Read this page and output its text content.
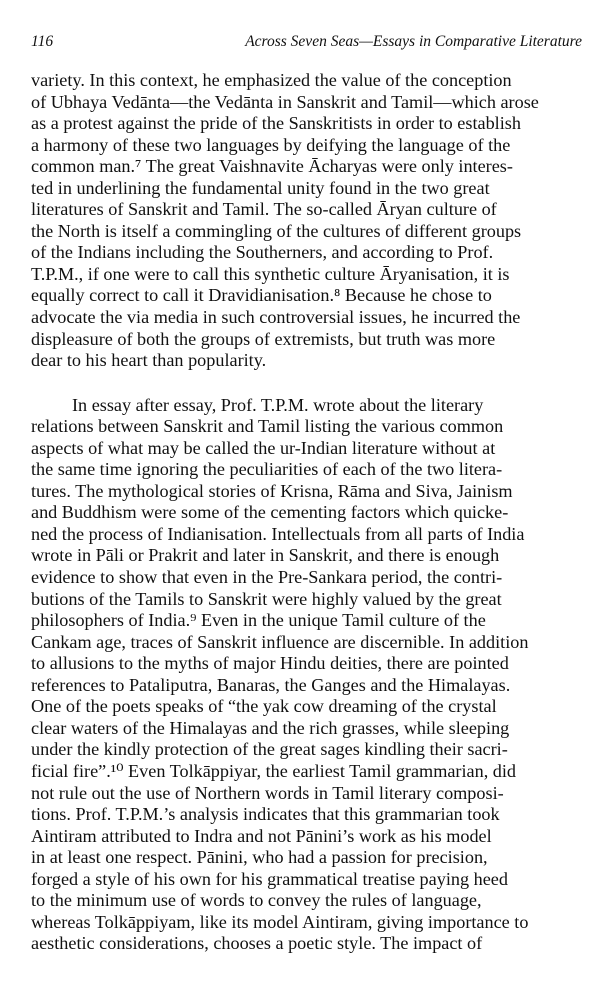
116	Across Seven Seas—Essays in Comparative Literature
variety. In this context, he emphasized the value of the conception
of Ubhaya Vedānta—the Vedānta in Sanskrit and Tamil—which arose
as a protest against the pride of the Sanskritists in order to establish
a harmony of these two languages by deifying the language of the
common man.⁷ The great Vaishnavite Ācharyas were only interes-
ted in underlining the fundamental unity found in the two great
literatures of Sanskrit and Tamil. The so-called Āryan culture of
the North is itself a commingling of the cultures of different groups
of the Indians including the Southerners, and according to Prof.
T.P.M., if one were to call this synthetic culture Āryanisation, it is
equally correct to call it Dravidianisation.⁸ Because he chose to
advocate the via media in such controversial issues, he incurred the
displeasure of both the groups of extremists, but truth was more
dear to his heart than popularity.
In essay after essay, Prof. T.P.M. wrote about the literary
relations between Sanskrit and Tamil listing the various common
aspects of what may be called the ur-Indian literature without at
the same time ignoring the peculiarities of each of the two litera-
tures. The mythological stories of Krisna, Rāma and Siva, Jainism
and Buddhism were some of the cementing factors which quicke-
ned the process of Indianisation. Intellectuals from all parts of India
wrote in Pāli or Prakrit and later in Sanskrit, and there is enough
evidence to show that even in the Pre-Sankara period, the contri-
butions of the Tamils to Sanskrit were highly valued by the great
philosophers of India.⁹ Even in the unique Tamil culture of the
Cankam age, traces of Sanskrit influence are discernible. In addition
to allusions to the myths of major Hindu deities, there are pointed
references to Pataliputra, Banaras, the Ganges and the Himalayas.
One of the poets speaks of “the yak cow dreaming of the crystal
clear waters of the Himalayas and the rich grasses, while sleeping
under the kindly protection of the great sages kindling their sacri-
ficial fire”.¹⁰ Even Tolkāppiyar, the earliest Tamil grammarian, did
not rule out the use of Northern words in Tamil literary composi-
tions. Prof. T.P.M.’s analysis indicates that this grammarian took
Aintiram attributed to Indra and not Pānini’s work as his model
in at least one respect. Pānini, who had a passion for precision,
forged a style of his own for his grammatical treatise paying heed
to the minimum use of words to convey the rules of language,
whereas Tolkāppiyam, like its model Aintiram, giving importance to
aesthetic considerations, chooses a poetic style. The impact of
